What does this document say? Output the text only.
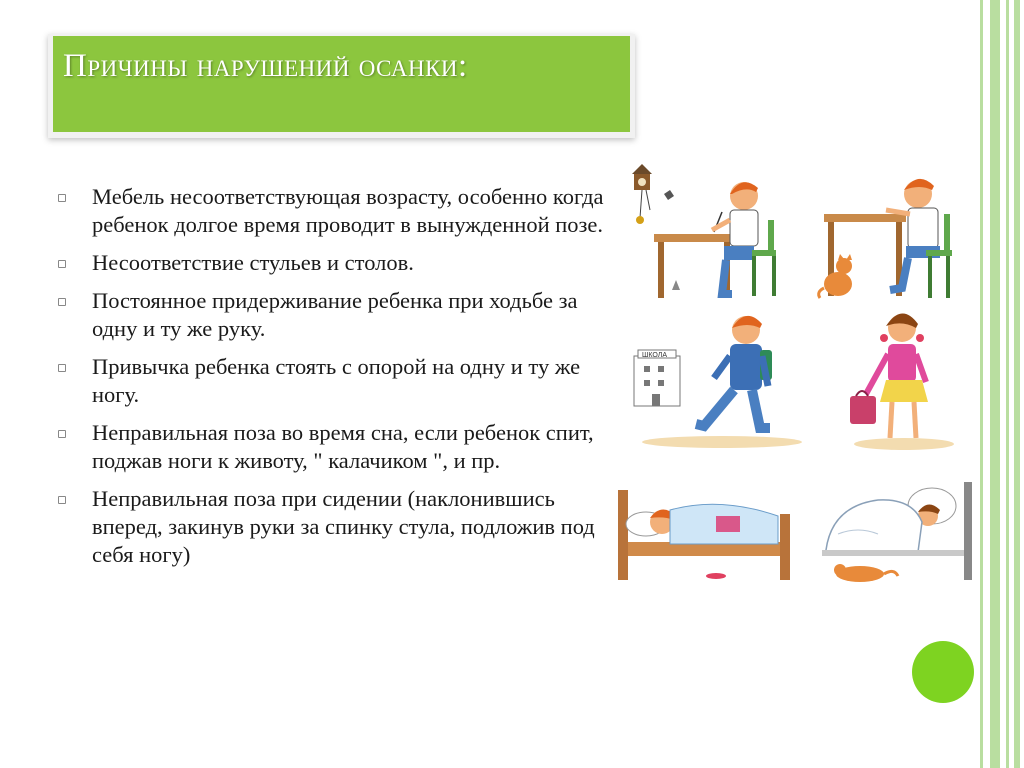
Причины нарушений осанки:
Мебель несоответствующая возрасту, особенно когда ребенок долгое время проводит в вынужденной позе.
Несоответствие стульев и столов.
Постоянное придерживание ребенка при ходьбе за одну и ту же руку.
Привычка ребенка стоять с опорой на одну и ту же ногу.
Неправильная поза во время сна, если ребенок спит, поджав ноги к животу, " калачиком ", и пр.
Неправильная поза при сидении (наклонившись вперед, закинув руки за спинку стула, подложив под себя ногу)
ШКОЛА
